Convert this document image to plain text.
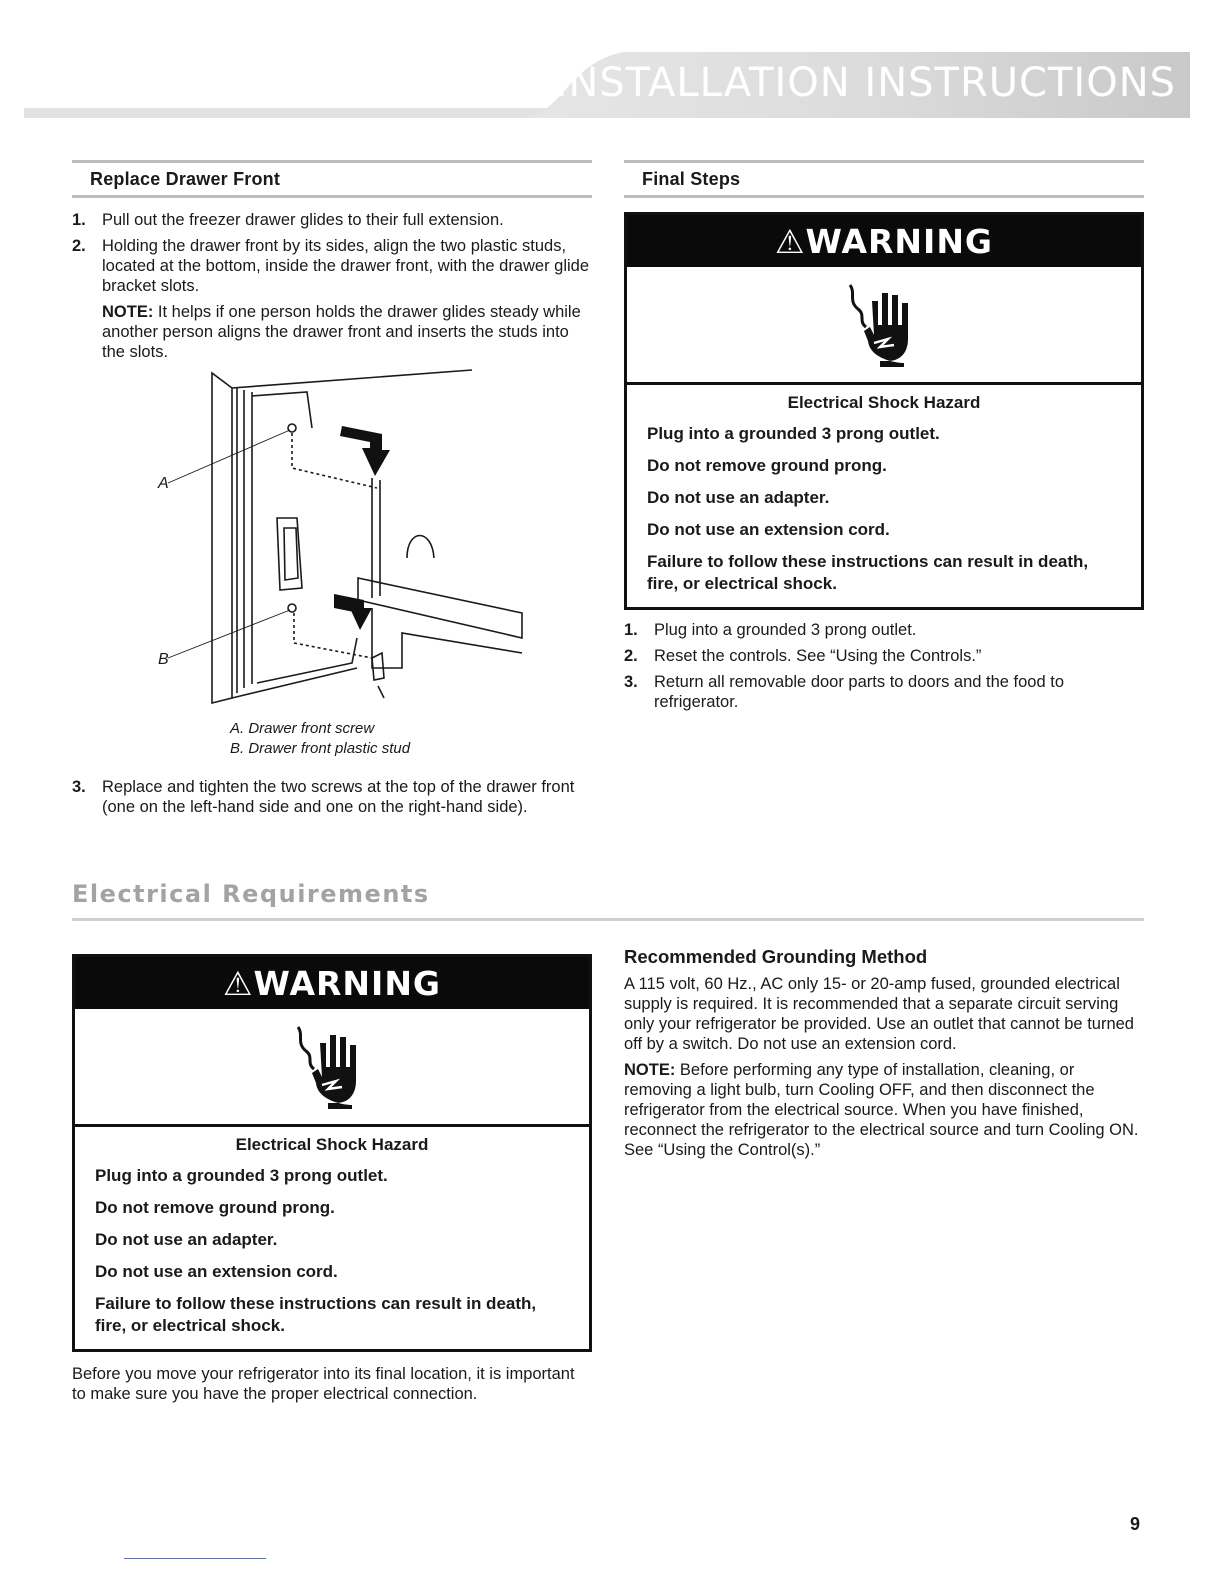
INSTALLATION INSTRUCTIONS
Replace Drawer Front
1. Pull out the freezer drawer glides to their full extension.
2. Holding the drawer front by its sides, align the two plastic studs, located at the bottom, inside the drawer front, with the drawer glide bracket slots.

NOTE: It helps if one person holds the drawer glides steady while another person aligns the drawer front and inserts the studs into the slots.

A
B
A. Drawer front screw
B. Drawer front plastic stud
3. Replace and tighten the two screws at the top of the drawer front (one on the left-hand side and one on the right-hand side).
Final Steps
⚠WARNING
Electrical Shock Hazard
Plug into a grounded 3 prong outlet.
Do not remove ground prong.
Do not use an adapter.
Do not use an extension cord.
Failure to follow these instructions can result in death, fire, or electrical shock.
1. Plug into a grounded 3 prong outlet.
2. Reset the controls. See “Using the Controls.”
3. Return all removable door parts to doors and the food to refrigerator.
Electrical Requirements
⚠WARNING
Electrical Shock Hazard
Plug into a grounded 3 prong outlet.
Do not remove ground prong.
Do not use an adapter.
Do not use an extension cord.
Failure to follow these instructions can result in death, fire, or electrical shock.

Before you move your refrigerator into its final location, it is important to make sure you have the proper electrical connection.

Recommended Grounding Method

A 115 volt, 60 Hz., AC only 15- or 20-amp fused, grounded electrical supply is required. It is recommended that a separate circuit serving only your refrigerator be provided. Use an outlet that cannot be turned off by a switch. Do not use an extension cord.

NOTE: Before performing any type of installation, cleaning, or removing a light bulb, turn Cooling OFF, and then disconnect the refrigerator from the electrical source. When you have finished, reconnect the refrigerator to the electrical source and turn Cooling ON. See “Using the Control(s).”

9
